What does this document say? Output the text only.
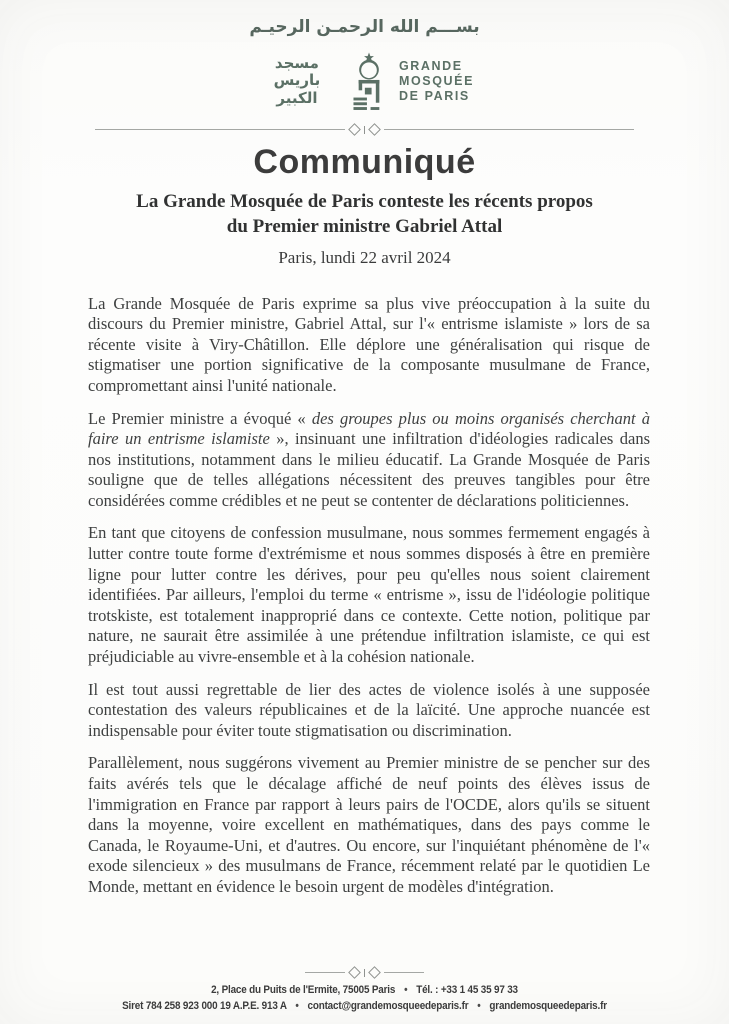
بســـم الله الرحمـن الرحيـم
مسجد باريس الكبير
GRANDE
MOSQUÉE
DE PARIS
Communiqué
La Grande Mosquée de Paris conteste les récents propos
du Premier ministre Gabriel Attal
Paris, lundi 22 avril 2024

La Grande Mosquée de Paris exprime sa plus vive préoccupation à la suite du discours du Premier ministre, Gabriel Attal, sur l'« entrisme islamiste » lors de sa récente visite à Viry-Châtillon. Elle déplore une généralisation qui risque de stigmatiser une portion significative de la composante musulmane de France, compromettant ainsi l'unité nationale.

Le Premier ministre a évoqué « des groupes plus ou moins organisés cherchant à faire un entrisme islamiste », insinuant une infiltration d'idéologies radicales dans nos institutions, notamment dans le milieu éducatif. La Grande Mosquée de Paris souligne que de telles allégations nécessitent des preuves tangibles pour être considérées comme crédibles et ne peut se contenter de déclarations politiciennes.

En tant que citoyens de confession musulmane, nous sommes fermement engagés à lutter contre toute forme d'extrémisme et nous sommes disposés à être en première ligne pour lutter contre les dérives, pour peu qu'elles nous soient clairement identifiées. Par ailleurs, l'emploi du terme « entrisme », issu de l'idéologie politique trotskiste, est totalement inapproprié dans ce contexte. Cette notion, politique par nature, ne saurait être assimilée à une prétendue infiltration islamiste, ce qui est préjudiciable au vivre-ensemble et à la cohésion nationale.

Il est tout aussi regrettable de lier des actes de violence isolés à une supposée contestation des valeurs républicaines et de la laïcité. Une approche nuancée est indispensable pour éviter toute stigmatisation ou discrimination.

Parallèlement, nous suggérons vivement au Premier ministre de se pencher sur des faits avérés tels que le décalage affiché de neuf points des élèves issus de l'immigration en France par rapport à leurs pairs de l'OCDE, alors qu'ils se situent dans la moyenne, voire excellent en mathématiques, dans des pays comme le Canada, le Royaume-Uni, et d'autres. Ou encore, sur l'inquiétant phénomène de l'« exode silencieux » des musulmans de France, récemment relaté par le quotidien Le Monde, mettant en évidence le besoin urgent de modèles d'intégration.

2, Place du Puits de l'Ermite, 75005 Paris • Tél. : +33 1 45 35 97 33
Siret 784 258 923 000 19 A.P.E. 913 A • contact@grandemosqueedeparis.fr • grandemosqueedeparis.fr
